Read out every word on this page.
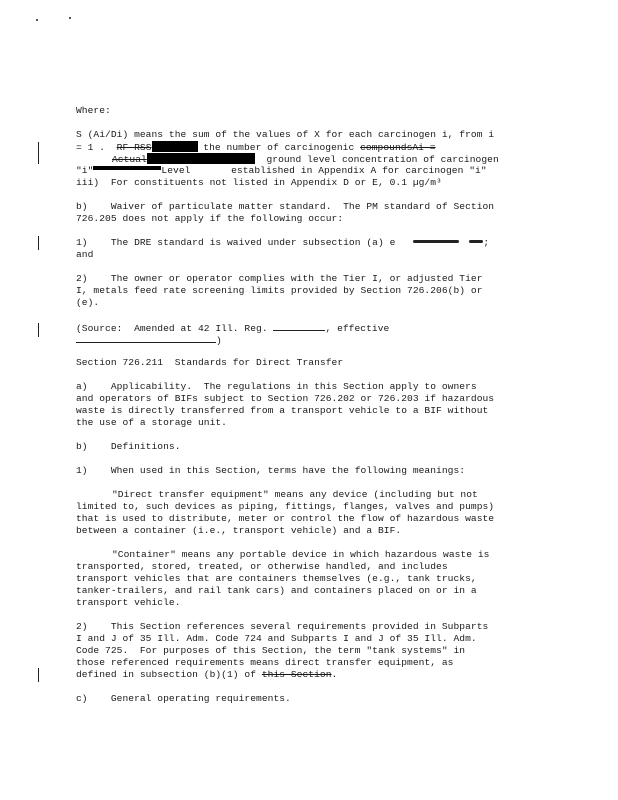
Where:
S (Ai/Di) means the sum of the values of X for each carcinogen i, from i
= 1 .  RF RSS	the number of carcinogenic compoundsAi =
Actual	ground level concentration of carcinogen
"i"	Level       established in Appendix A for carcinogen "i"
iii)  For constituents not listed in Appendix D or E, 0.1 µg/m³
b)    Waiver of particulate matter standard.  The PM standard of Section
726.205 does not apply if the following occur:
1)    The DRE standard is waived under subsection (a) e	;
and
2)    The owner or operator complies with the Tier I, or adjusted Tier
I, metals feed rate screening limits provided by Section 726.206(b) or
(e).
(Source:  Amended at 42 Ill. Reg.	, effective
)
Section 726.211  Standards for Direct Transfer
a)    Applicability.  The regulations in this Section apply to owners
and operators of BIFs subject to Section 726.202 or 726.203 if hazardous
waste is directly transferred from a transport vehicle to a BIF without
the use of a storage unit.
b)    Definitions.
1)    When used in this Section, terms have the following meanings:
"Direct transfer equipment" means any device (including but not
limited to, such devices as piping, fittings, flanges, valves and pumps)
that is used to distribute, meter or control the flow of hazardous waste
between a container (i.e., transport vehicle) and a BIF.
"Container" means any portable device in which hazardous waste is
transported, stored, treated, or otherwise handled, and includes
transport vehicles that are containers themselves (e.g., tank trucks,
tanker-trailers, and rail tank cars) and containers placed on or in a
transport vehicle.
2)    This Section references several requirements provided in Subparts
I and J of 35 Ill. Adm. Code 724 and Subparts I and J of 35 Ill. Adm.
Code 725.  For purposes of this Section, the term "tank systems" in
those referenced requirements means direct transfer equipment, as
defined in subsection (b)(1) of this Section.
c)    General operating requirements.
